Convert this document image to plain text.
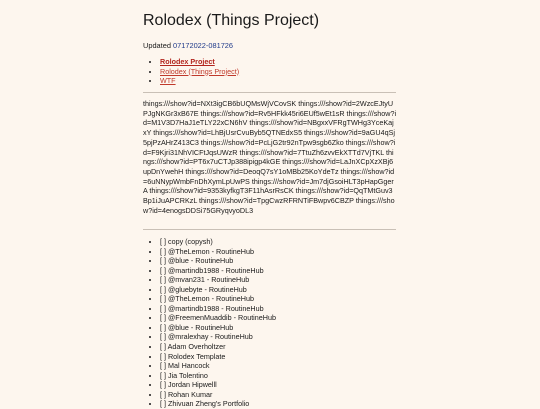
Rolodex (Things Project)
Updated 07172022-081726
• Rolodex Project
• Rolodex (Things Project)
• WTF
things:///show?id=NXt3igCB6bUQMsWjVCovSK things:///show?id=2WzcEJtyUPJgNKGr3xB67E things:///show?id=Rv5HFkk45ri6EUf5wEt1sR things:///show?id=M1V3D7HaJ1eTLY22xCN6hV things:///show?id=NBgxxVFRgTWHg3YceKajxY things:///show?id=LhBjUsrCvuByb5QTNEdxS5 things:///show?id=9aGU4qSj5pjPzAHrZ413C3 things:///show?id=PcLjG2tr92nTpw9sgb6Zko things:///show?id=F9Kjri31NhVICFtJqsUWzR things:///show?id=7TtuZh6zvvEkXTTd7VjTKL things:///show?id=PT6x7uCTJp388ipigp4kGE things:///show?id=LaJnXCpXzXBj6upDnYwehH things:///show?id=DeoqQ7sY1oMBb25KoYdeTz things:///show?id=6uNNypWmbFnDhXymLpUwPS things:///show?id=Jm7djGsoiHLT3pHapGgerA things:///show?id=9353kyfkgT3F11hAsrRsCK things:///show?id=QqTMtGuv3Bp1iJuAPCRKzL things:///show?id=TpgCwzRFRNTiFBwpv6CBZP things:///show?id=4enogsDDSi75GRyqvyoDL3
• [ ] copy (copysh)
• [ ] @TheLemon - RoutineHub
• [ ] @blue - RoutineHub
• [ ] @martindb1988 - RoutineHub
• [ ] @mvan231 - RoutineHub
• [ ] @gluebyte - RoutineHub
• [ ] @TheLemon - RoutineHub
• [ ] @martindb1988 - RoutineHub
• [ ] @FreemenMuaddib - RoutineHub
• [ ] @blue - RoutineHub
• [ ] @mralexhay - RoutineHub
• [ ] Adam Overholtzer
• [ ] Rolodex Template
• [ ] Mal Hancock
• [ ] Jia Tolentino
• [ ] Jordan Hipwelll
• [ ] Rohan Kumar
• [ ] Zhivuan Zheng's Portfolio
